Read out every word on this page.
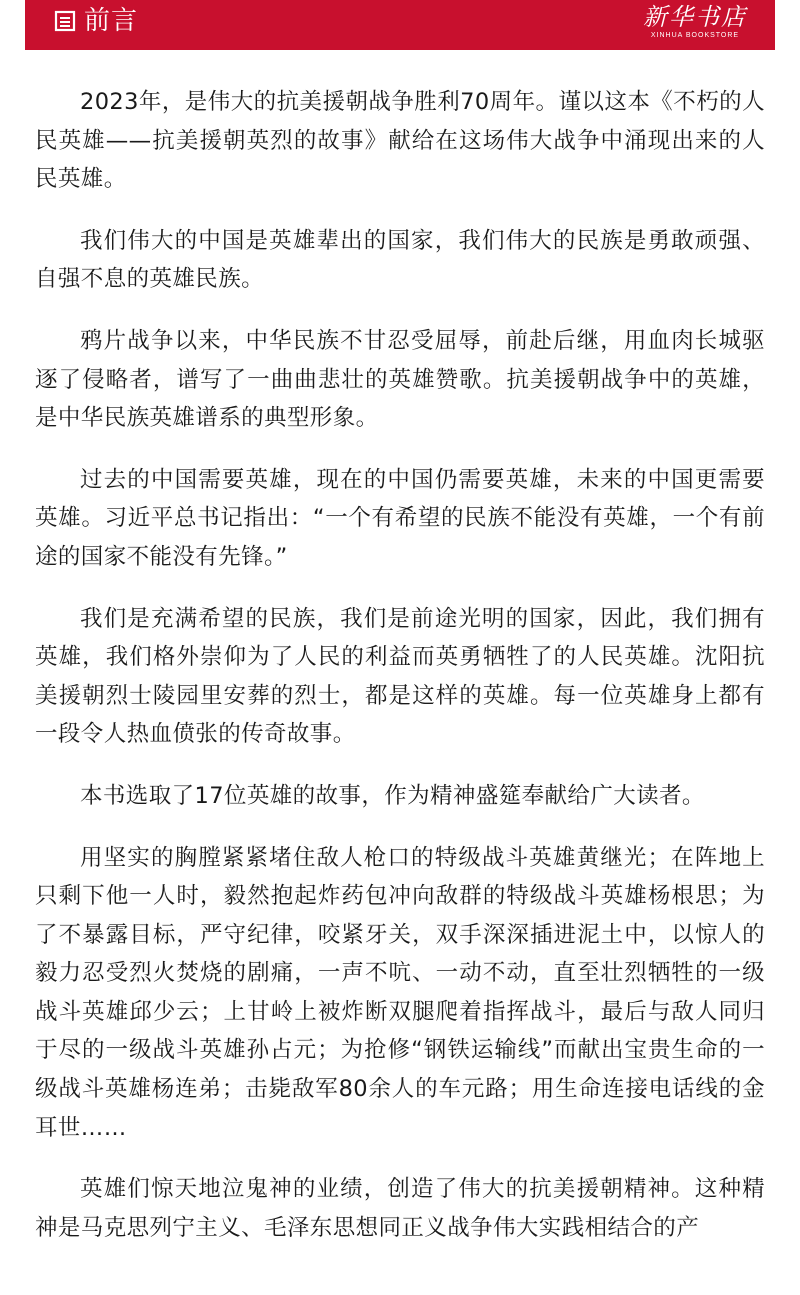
前言	新华书店
XINHUA BOOKSTORE

2023年，是伟大的抗美援朝战争胜利70周年。谨以这本《不朽的人民英雄——抗美援朝英烈的故事》献给在这场伟大战争中涌现出来的人民英雄。

我们伟大的中国是英雄辈出的国家，我们伟大的民族是勇敢顽强、自强不息的英雄民族。

鸦片战争以来，中华民族不甘忍受屈辱，前赴后继，用血肉长城驱逐了侵略者，谱写了一曲曲悲壮的英雄赞歌。抗美援朝战争中的英雄，是中华民族英雄谱系的典型形象。

过去的中国需要英雄，现在的中国仍需要英雄，未来的中国更需要英雄。习近平总书记指出：“一个有希望的民族不能没有英雄，一个有前途的国家不能没有先锋。”

我们是充满希望的民族，我们是前途光明的国家，因此，我们拥有英雄，我们格外崇仰为了人民的利益而英勇牺牲了的人民英雄。沈阳抗美援朝烈士陵园里安葬的烈士，都是这样的英雄。每一位英雄身上都有一段令人热血偾张的传奇故事。

本书选取了17位英雄的故事，作为精神盛筵奉献给广大读者。

用坚实的胸膛紧紧堵住敌人枪口的特级战斗英雄黄继光；在阵地上只剩下他一人时，毅然抱起炸药包冲向敌群的特级战斗英雄杨根思；为了不暴露目标，严守纪律，咬紧牙关，双手深深插进泥土中，以惊人的毅力忍受烈火焚烧的剧痛，一声不吭、一动不动，直至壮烈牺牲的一级战斗英雄邱少云；上甘岭上被炸断双腿爬着指挥战斗，最后与敌人同归于尽的一级战斗英雄孙占元；为抢修“钢铁运输线”而献出宝贵生命的一级战斗英雄杨连弟；击毙敌军80余人的车元路；用生命连接电话线的金耳世……

英雄们惊天地泣鬼神的业绩，创造了伟大的抗美援朝精神。这种精神是马克思列宁主义、毛泽东思想同正义战争伟大实践相结合的产
